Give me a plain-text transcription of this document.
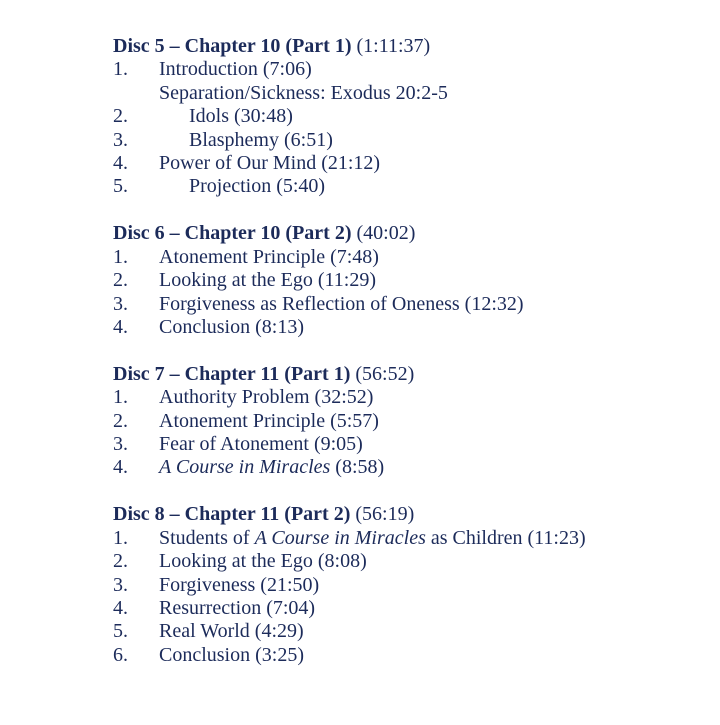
Disc 5 – Chapter 10 (Part 1) (1:11:37)
1. Introduction (7:06)
Separation/Sickness: Exodus 20:2-5
2.	Idols (30:48)
3.	Blasphemy (6:51)
4. Power of Our Mind (21:12)
5.	Projection (5:40)
Disc 6 – Chapter 10 (Part 2) (40:02)
1. Atonement Principle (7:48)
2. Looking at the Ego (11:29)
3. Forgiveness as Reflection of Oneness (12:32)
4. Conclusion (8:13)
Disc 7 – Chapter 11 (Part 1) (56:52)
1. Authority Problem (32:52)
2. Atonement Principle (5:57)
3. Fear of Atonement (9:05)
4. A Course in Miracles (8:58)
Disc 8 – Chapter 11 (Part 2) (56:19)
1. Students of A Course in Miracles as Children (11:23)
2. Looking at the Ego (8:08)
3. Forgiveness (21:50)
4. Resurrection (7:04)
5. Real World (4:29)
6. Conclusion (3:25)
